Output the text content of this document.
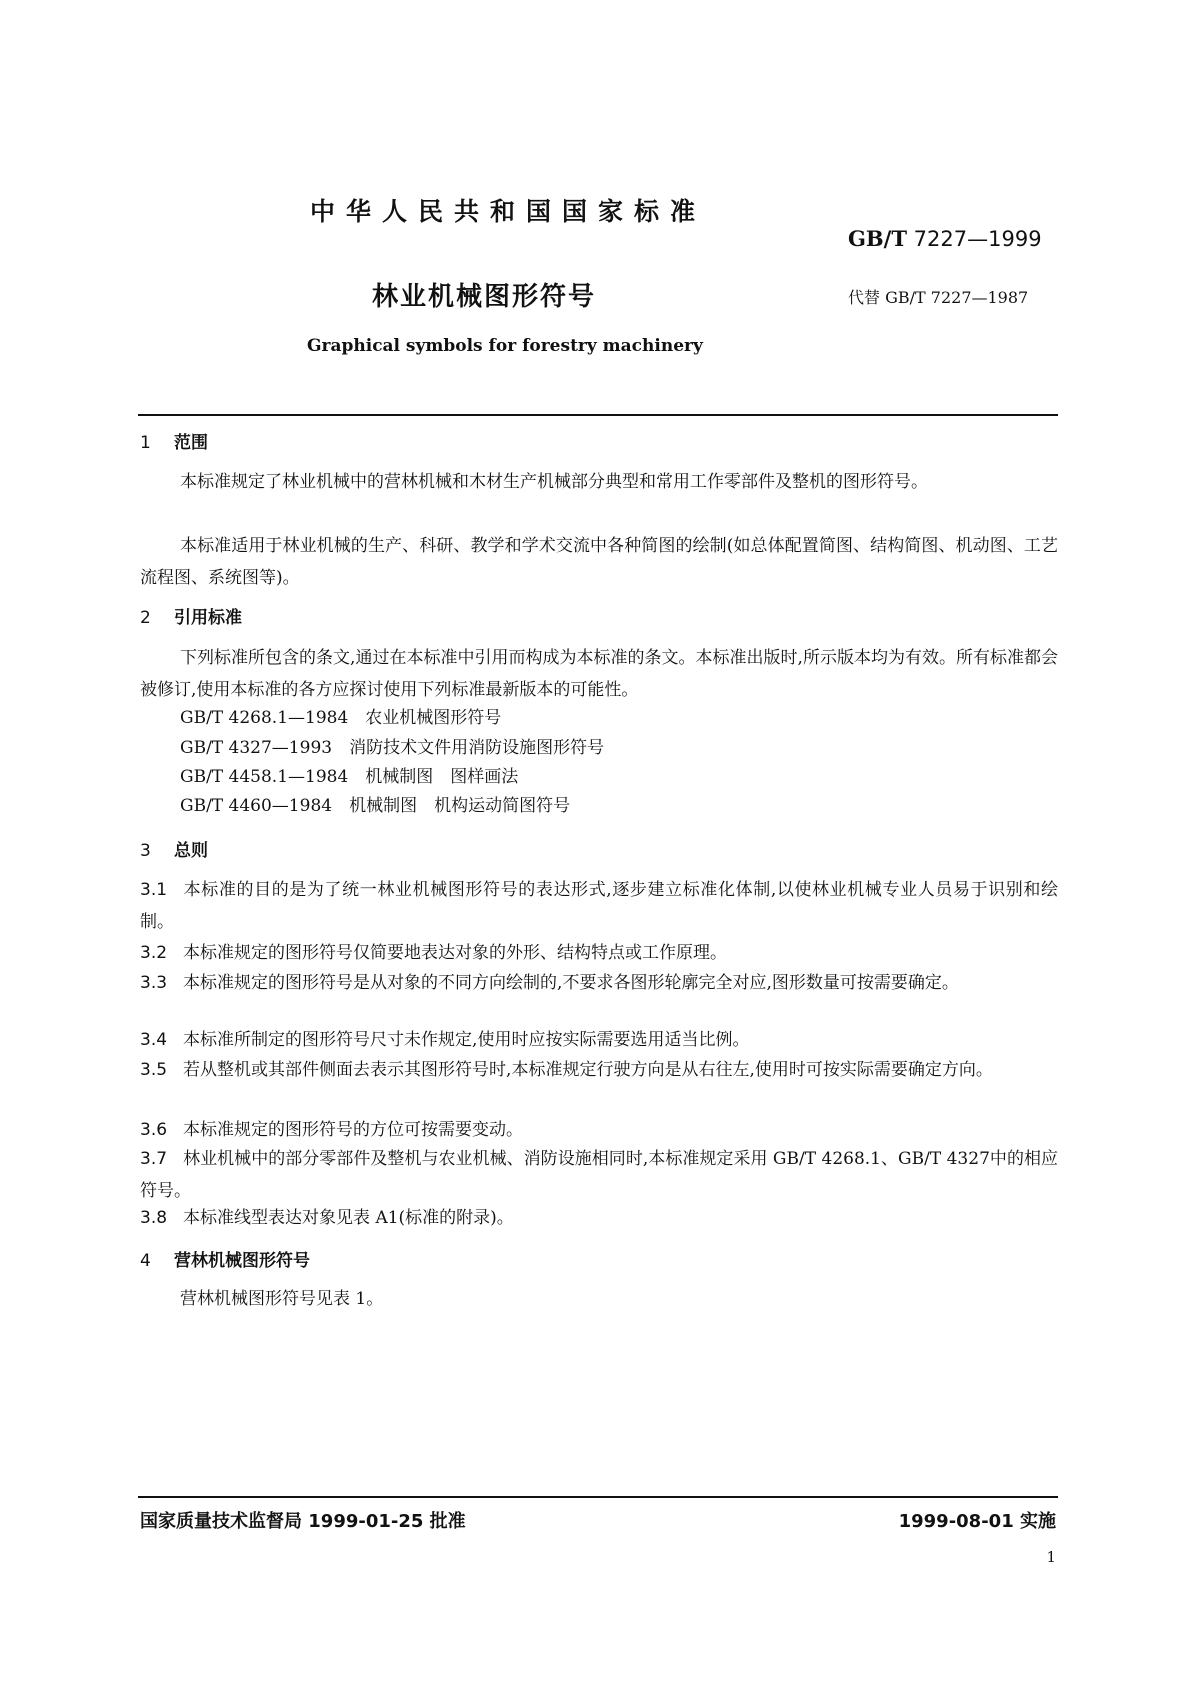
中华人民共和国国家标准
GB/T 7227—1999
林业机械图形符号	代替 GB/T 7227—1987
Graphical symbols for forestry machinery
1 范围
本标准规定了林业机械中的营林机械和木材生产机械部分典型和常用工作零部件及整机的图形符号。
本标准适用于林业机械的生产、科研、教学和学术交流中各种简图的绘制(如总体配置简图、结构简图、机动图、工艺流程图、系统图等)。
2 引用标准
下列标准所包含的条文,通过在本标准中引用而构成为本标准的条文。本标准出版时,所示版本均为有效。所有标准都会被修订,使用本标准的各方应探讨使用下列标准最新版本的可能性。
GB/T 4268.1—1984　农业机械图形符号
GB/T 4327—1993　消防技术文件用消防设施图形符号
GB/T 4458.1—1984　机械制图　图样画法
GB/T 4460—1984　机械制图　机构运动简图符号
3 总则
3.1 本标准的目的是为了统一林业机械图形符号的表达形式,逐步建立标准化体制,以使林业机械专业人员易于识别和绘制。
3.2 本标准规定的图形符号仅简要地表达对象的外形、结构特点或工作原理。
3.3 本标准规定的图形符号是从对象的不同方向绘制的,不要求各图形轮廓完全对应,图形数量可按需要确定。
3.4 本标准所制定的图形符号尺寸未作规定,使用时应按实际需要选用适当比例。
3.5 若从整机或其部件侧面去表示其图形符号时,本标准规定行驶方向是从右往左,使用时可按实际需要确定方向。
3.6 本标准规定的图形符号的方位可按需要变动。
3.7 林业机械中的部分零部件及整机与农业机械、消防设施相同时,本标准规定采用 GB/T 4268.1、GB/T 4327中的相应符号。
3.8 本标准线型表达对象见表 A1(标准的附录)。
4 营林机械图形符号
营林机械图形符号见表 1。
国家质量技术监督局 1999-01-25 批准	1999-08-01 实施
1
